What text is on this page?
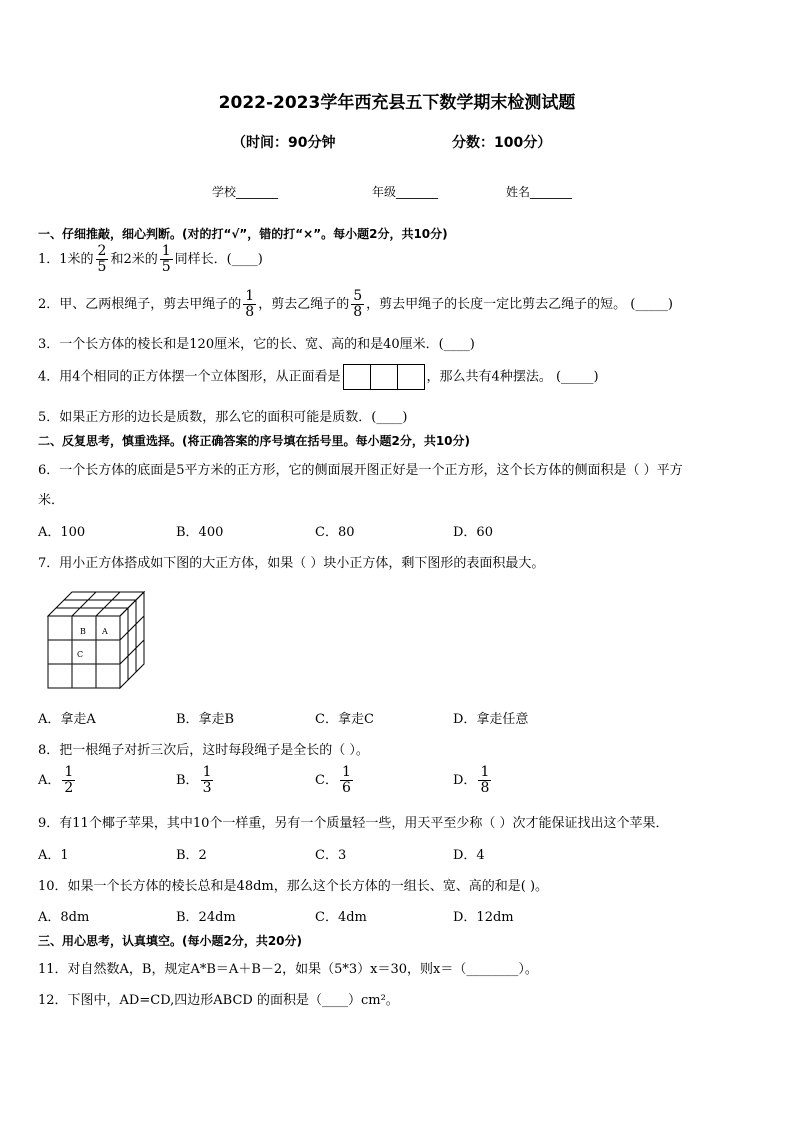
2022-2023学年西充县五下数学期末检测试题
（时间：90分钟	分数：100分）
学校_______	年级_______	姓名_______
一、仔细推敲，细心判断。(对的打“√”，错的打“×”。每小题2分，共10分)
1．1米的 $\frac{2}{5}$ 和2米的 $\frac{1}{5}$ 同样长．(____)
2．甲、乙两根绳子，剪去甲绳子的 $\frac{1}{8}$ ，剪去乙绳子的 $\frac{5}{8}$ ，剪去甲绳子的长度一定比剪去乙绳子的短。 (_____)
3．一个长方体的棱长和是120厘米，它的长、宽、高的和是40厘米．(____)
4．用4个相同的正方体摆一个立体图形，从正面看是	，那么共有4种摆法。 (_____)
5．如果正方形的边长是质数，那么它的面积可能是质数．(____)
二、反复思考，慎重选择。(将正确答案的序号填在括号里。每小题2分，共10分)
6．一个长方体的底面是5平方米的正方形，它的侧面展开图正好是一个正方形，这个长方体的侧面积是（ ）平方
米．
A．100	B．400	C．80	D．60
7．用小正方体搭成如下图的大正方体，如果（ ）块小正方体，剩下图形的表面积最大。
B A
C
A．拿走A	B．拿走B	C．拿走C	D．拿走任意
8．把一根绳子对折三次后，这时每段绳子是全长的（ ）。
A． $\frac{1}{2}$	B． $\frac{1}{3}$	C． $\frac{1}{6}$	D． $\frac{1}{8}$
9．有11个椰子苹果，其中10个一样重，另有一个质量轻一些，用天平至少称（ ）次才能保证找出这个苹果．
A．1	B．2	C．3	D．4
10．如果一个长方体的棱长总和是48dm，那么这个长方体的一组长、宽、高的和是( )。
A．8dm	B．24dm	C．4dm	D．12dm
三、用心思考，认真填空。(每小题2分，共20分)
11．对自然数A，B，规定A*B＝A＋B－2，如果（5*3）x＝30，则x＝（________）。
12．下图中，AD=CD,四边形ABCD 的面积是（____）cm²。
